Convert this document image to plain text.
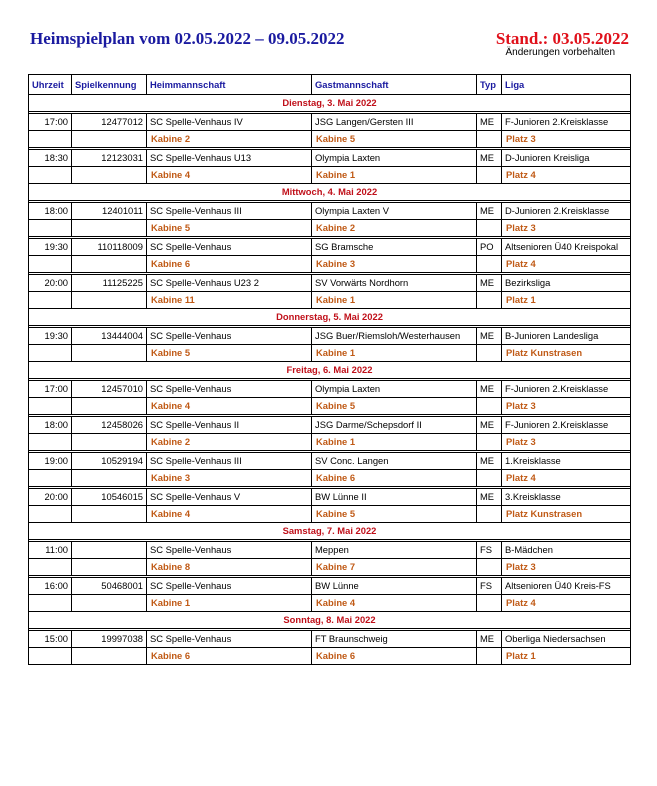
Heimspielplan vom 02.05.2022 – 09.05.2022	Stand.: 03.05.2022
Änderungen vorbehalten
Uhrzeit	Spielkennung	Heimmannschaft	Gastmannschaft	Typ	Liga
Dienstag, 3. Mai 2022					

17:00	12477012	SC Spelle-Venhaus IV	JSG Langen/Gersten III	ME	F-Junioren 2.Kreisklasse
		Kabine 2	Kabine 5		Platz 3

18:30	12123031	SC Spelle-Venhaus U13	Olympia Laxten	ME	D-Junioren Kreisliga
		Kabine 4	Kabine 1		Platz 4
Mittwoch, 4. Mai 2022					

18:00	12401011	SC Spelle-Venhaus III	Olympia Laxten V	ME	D-Junioren 2.Kreisklasse
		Kabine 5	Kabine 2		Platz 3

19:30	110118009	SC Spelle-Venhaus	SG Bramsche	PO	Altsenioren Ü40 Kreispokal
		Kabine 6	Kabine 3		Platz 4

20:00	11125225	SC Spelle-Venhaus U23 2	SV Vorwärts Nordhorn	ME	Bezirksliga
		Kabine 11	Kabine 1		Platz 1
Donnerstag, 5. Mai 2022					

19:30	13444004	SC Spelle-Venhaus	JSG Buer/Riemsloh/Westerhausen	ME	B-Junioren Landesliga
		Kabine 5	Kabine 1		Platz Kunstrasen
Freitag, 6. Mai 2022					

17:00	12457010	SC Spelle-Venhaus	Olympia Laxten	ME	F-Junioren 2.Kreisklasse
		Kabine 4	Kabine 5		Platz 3

18:00	12458026	SC Spelle-Venhaus II	JSG Darme/Schepsdorf II	ME	F-Junioren 2.Kreisklasse
		Kabine 2	Kabine 1		Platz 3

19:00	10529194	SC Spelle-Venhaus III	SV Conc. Langen	ME	1.Kreisklasse
		Kabine 3	Kabine 6		Platz 4

20:00	10546015	SC Spelle-Venhaus V	BW Lünne II	ME	3.Kreisklasse
		Kabine 4	Kabine 5		Platz Kunstrasen
Samstag, 7. Mai 2022					

11:00		SC Spelle-Venhaus	Meppen	FS	B-Mädchen
		Kabine 8	Kabine 7		Platz 3

16:00	50468001	SC Spelle-Venhaus	BW Lünne	FS	Altsenioren Ü40 Kreis-FS
		Kabine 1	Kabine 4		Platz 4
Sonntag, 8. Mai 2022					

15:00	19997038	SC Spelle-Venhaus	FT Braunschweig	ME	Oberliga Niedersachsen
		Kabine 6	Kabine 6		Platz 1
